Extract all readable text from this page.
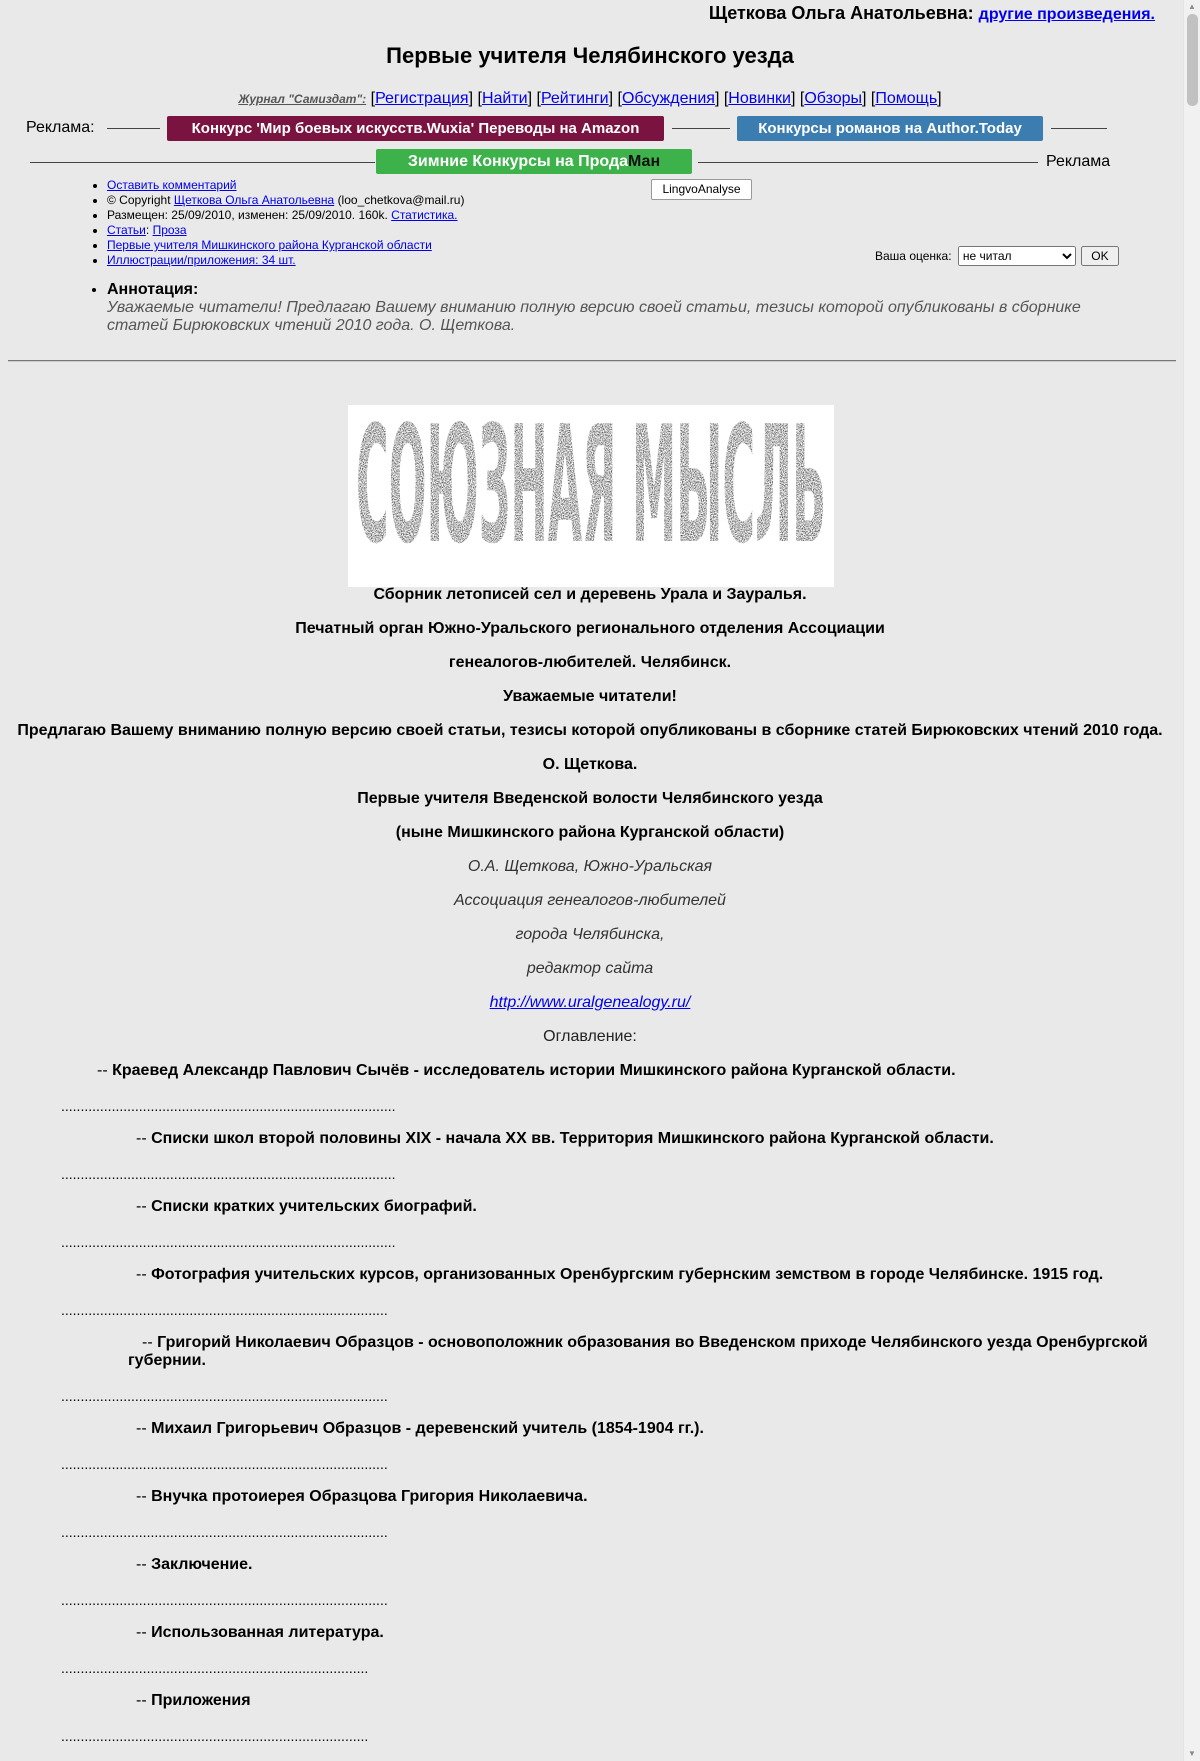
Щеткова Ольга Анатольевна: другие произведения.
Первые учителя Челябинского уезда
Журнал "Самиздат": [Регистрация] [Найти] [Рейтинги] [Обсуждения] [Новинки] [Обзоры] [Помощь]
Реклама:	Конкурс 'Мир боевых искусств.Wuxia' Переводы на Amazon	Конкурсы романов на Author.Today
Зимние Конкурсы на ПродаМан	Реклама
LingvoAnalyse
• Оставить комментарий
• © Copyright Щеткова Ольга Анатольевна (loo_chetkova@mail.ru)
• Размещен: 25/09/2010, изменен: 25/09/2010. 160k. Статистика.
• Статьи: Проза
• Первые учителя Мишкинского района Курганской области
• Иллюстрации/приложения: 34 шт.	Ваша оценка:
не читал	OK
• Аннотация:
Уважаемые читатели! Предлагаю Вашему вниманию полную версию своей статьи, тезисы которой опубликованы в сборнике статей Бирюковских чтений 2010 года. О. Щеткова.
СОЮЗНАЯ МЫСЛЬ
Сборник летописей сел и деревень Урала и Зауралья.
Печатный орган Южно-Уральского регионального отделения Ассоциации
генеалогов-любителей. Челябинск.
Уважаемые читатели!
Предлагаю Вашему вниманию полную версию своей статьи, тезисы которой опубликованы в сборнике статей Бирюковских чтений 2010 года.
О. Щеткова.
Первые учителя Введенской волости Челябинского уезда
(ныне Мишкинского района Курганской области)
О.А. Щеткова, Южно-Уральская
Ассоциация генеалогов-любителей
города Челябинска,
редактор сайта
http://www.uralgenealogy.ru/
Оглавление:
-- Краевед Александр Павлович Сычёв - исследователь истории Мишкинского района Курганской области.
......................................................................................
-- Списки школ второй половины XIX - начала XX вв. Территория Мишкинского района Курганской области.
......................................................................................
-- Списки кратких учительских биографий.
......................................................................................
-- Фотография учительских курсов, организованных Оренбургским губернским земством в городе Челябинске. 1915 год.
....................................................................................
-- Григорий Николаевич Образцов - основоположник образования во Введенском приходе Челябинского уезда Оренбургской
губернии.
....................................................................................
-- Михаил Григорьевич Образцов - деревенский учитель (1854-1904 гг.).
....................................................................................
-- Внучка протоиерея Образцова Григория Николаевича.
....................................................................................
-- Заключение.
....................................................................................
-- Использованная литература.
...............................................................................
-- Приложения
...............................................................................
▲
▼
